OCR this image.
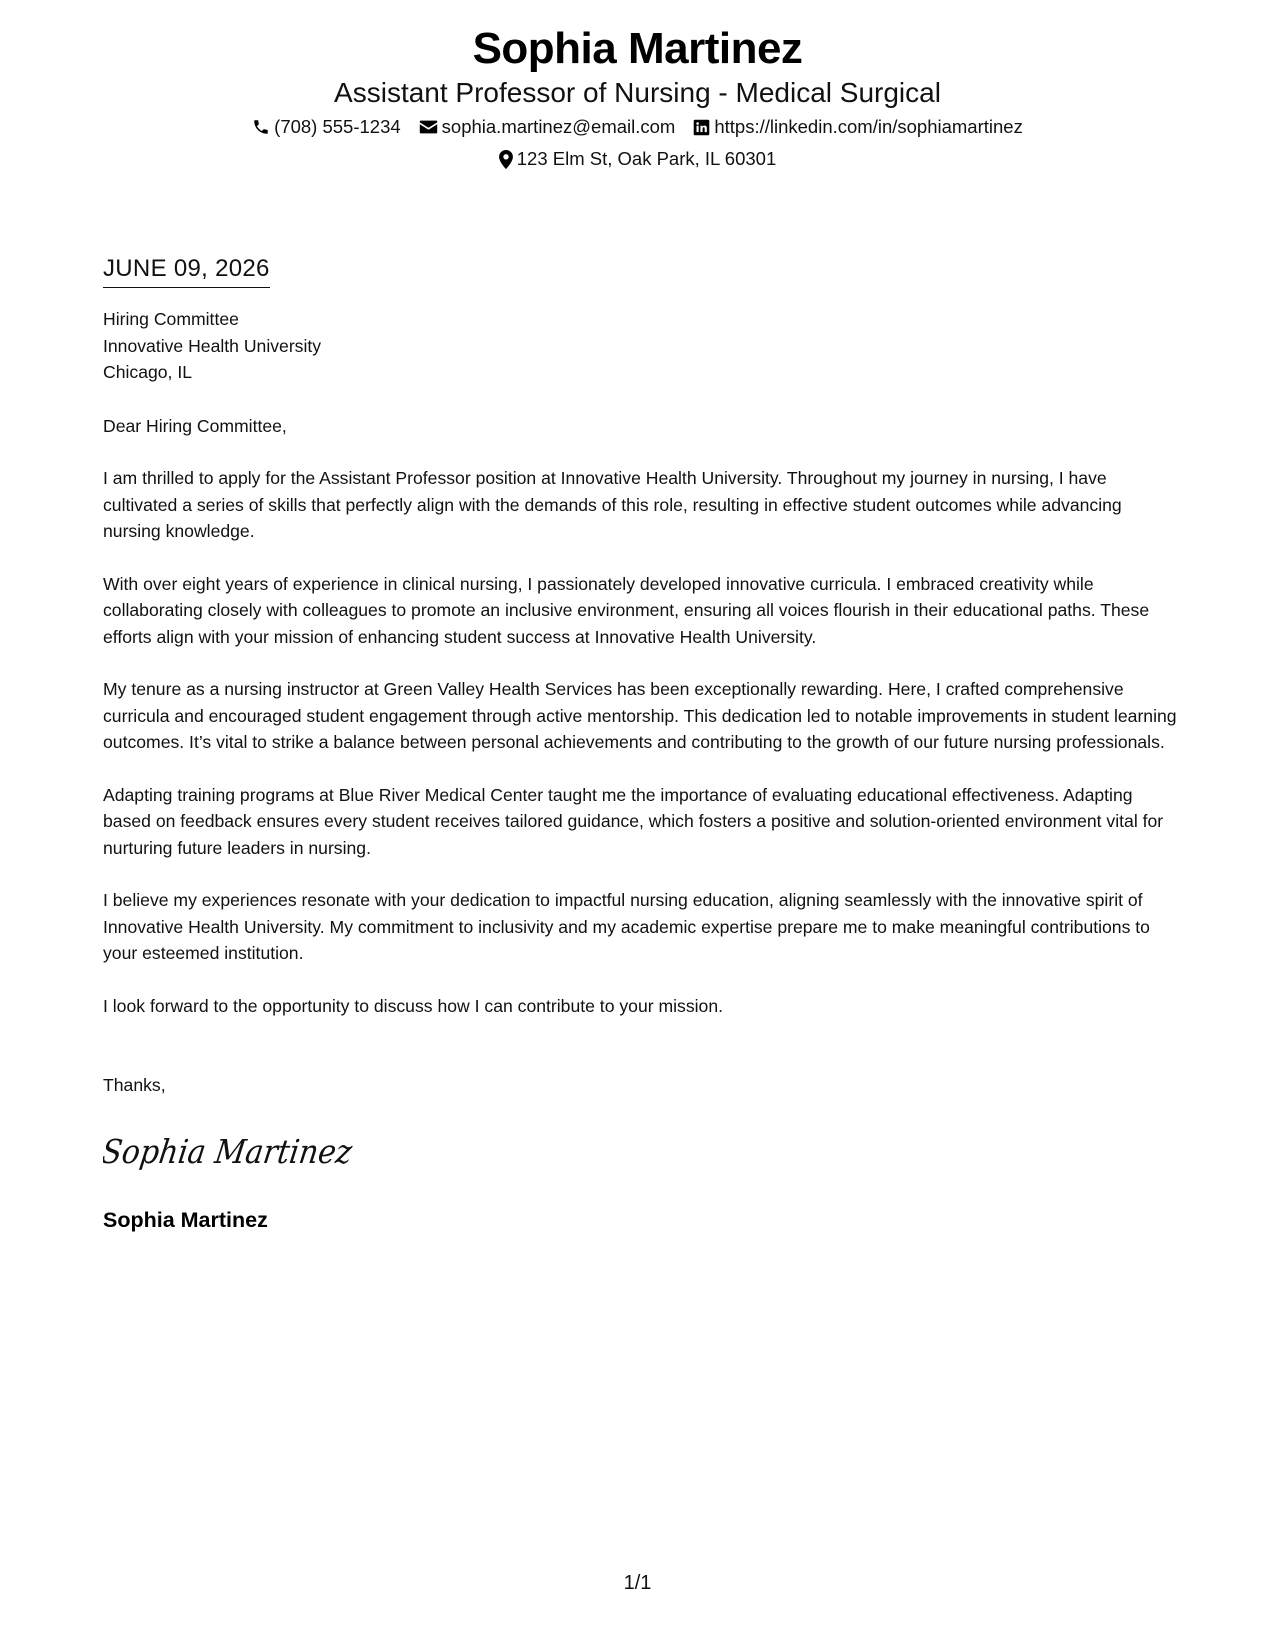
Sophia Martinez
Assistant Professor of Nursing - Medical Surgical
(708) 555-1234 sophia.martinez@email.com https://linkedin.com/in/sophiamartinez
123 Elm St, Oak Park, IL 60301
JUNE 09, 2026
Hiring Committee
Innovative Health University
Chicago, IL
Dear Hiring Committee,
I am thrilled to apply for the Assistant Professor position at Innovative Health University. Throughout my journey in nursing, I have cultivated a series of skills that perfectly align with the demands of this role, resulting in effective student outcomes while advancing nursing knowledge.
With over eight years of experience in clinical nursing, I passionately developed innovative curricula. I embraced creativity while collaborating closely with colleagues to promote an inclusive environment, ensuring all voices flourish in their educational paths. These efforts align with your mission of enhancing student success at Innovative Health University.
My tenure as a nursing instructor at Green Valley Health Services has been exceptionally rewarding. Here, I crafted comprehensive curricula and encouraged student engagement through active mentorship. This dedication led to notable improvements in student learning outcomes. It’s vital to strike a balance between personal achievements and contributing to the growth of our future nursing professionals.
Adapting training programs at Blue River Medical Center taught me the importance of evaluating educational effectiveness. Adapting based on feedback ensures every student receives tailored guidance, which fosters a positive and solution-oriented environment vital for nurturing future leaders in nursing.
I believe my experiences resonate with your dedication to impactful nursing education, aligning seamlessly with the innovative spirit of Innovative Health University. My commitment to inclusivity and my academic expertise prepare me to make meaningful contributions to your esteemed institution.
I look forward to the opportunity to discuss how I can contribute to your mission.
Thanks,
Sophia Martinez
Sophia Martinez
1/1
